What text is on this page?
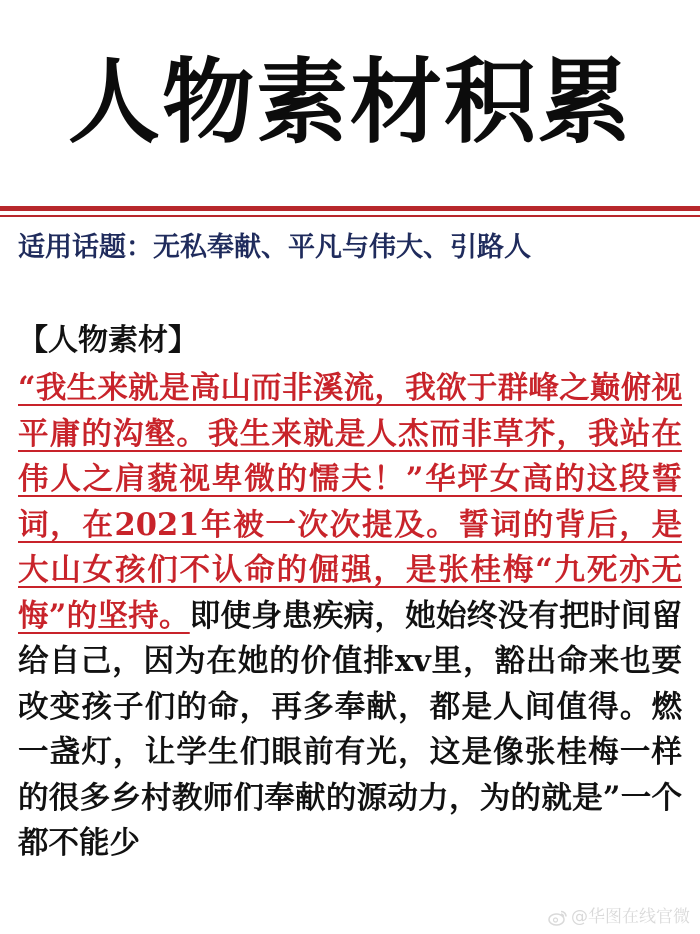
人物素材积累
适用话题：无私奉献、平凡与伟大、引路人
【人物素材】
“我生来就是高山而非溪流，我欲于群峰之巅俯视平庸的沟壑。我生来就是人杰而非草芥，我站在伟人之肩藐视卑微的懦夫！”华坪女高的这段誓词，在2021年被一次次提及。誓词的背后，是大山女孩们不认命的倔强，是张桂梅“九死亦无悔”的坚持。即使身患疾病，她始终没有把时间留给自己，因为在她的价值排xv里，豁出命来也要改变孩子们的命，再多奉献，都是人间值得。燃一盏灯，让学生们眼前有光，这是像张桂梅一样的很多乡村教师们奉献的源动力，为的就是”一个都不能少
@华图在线官微
